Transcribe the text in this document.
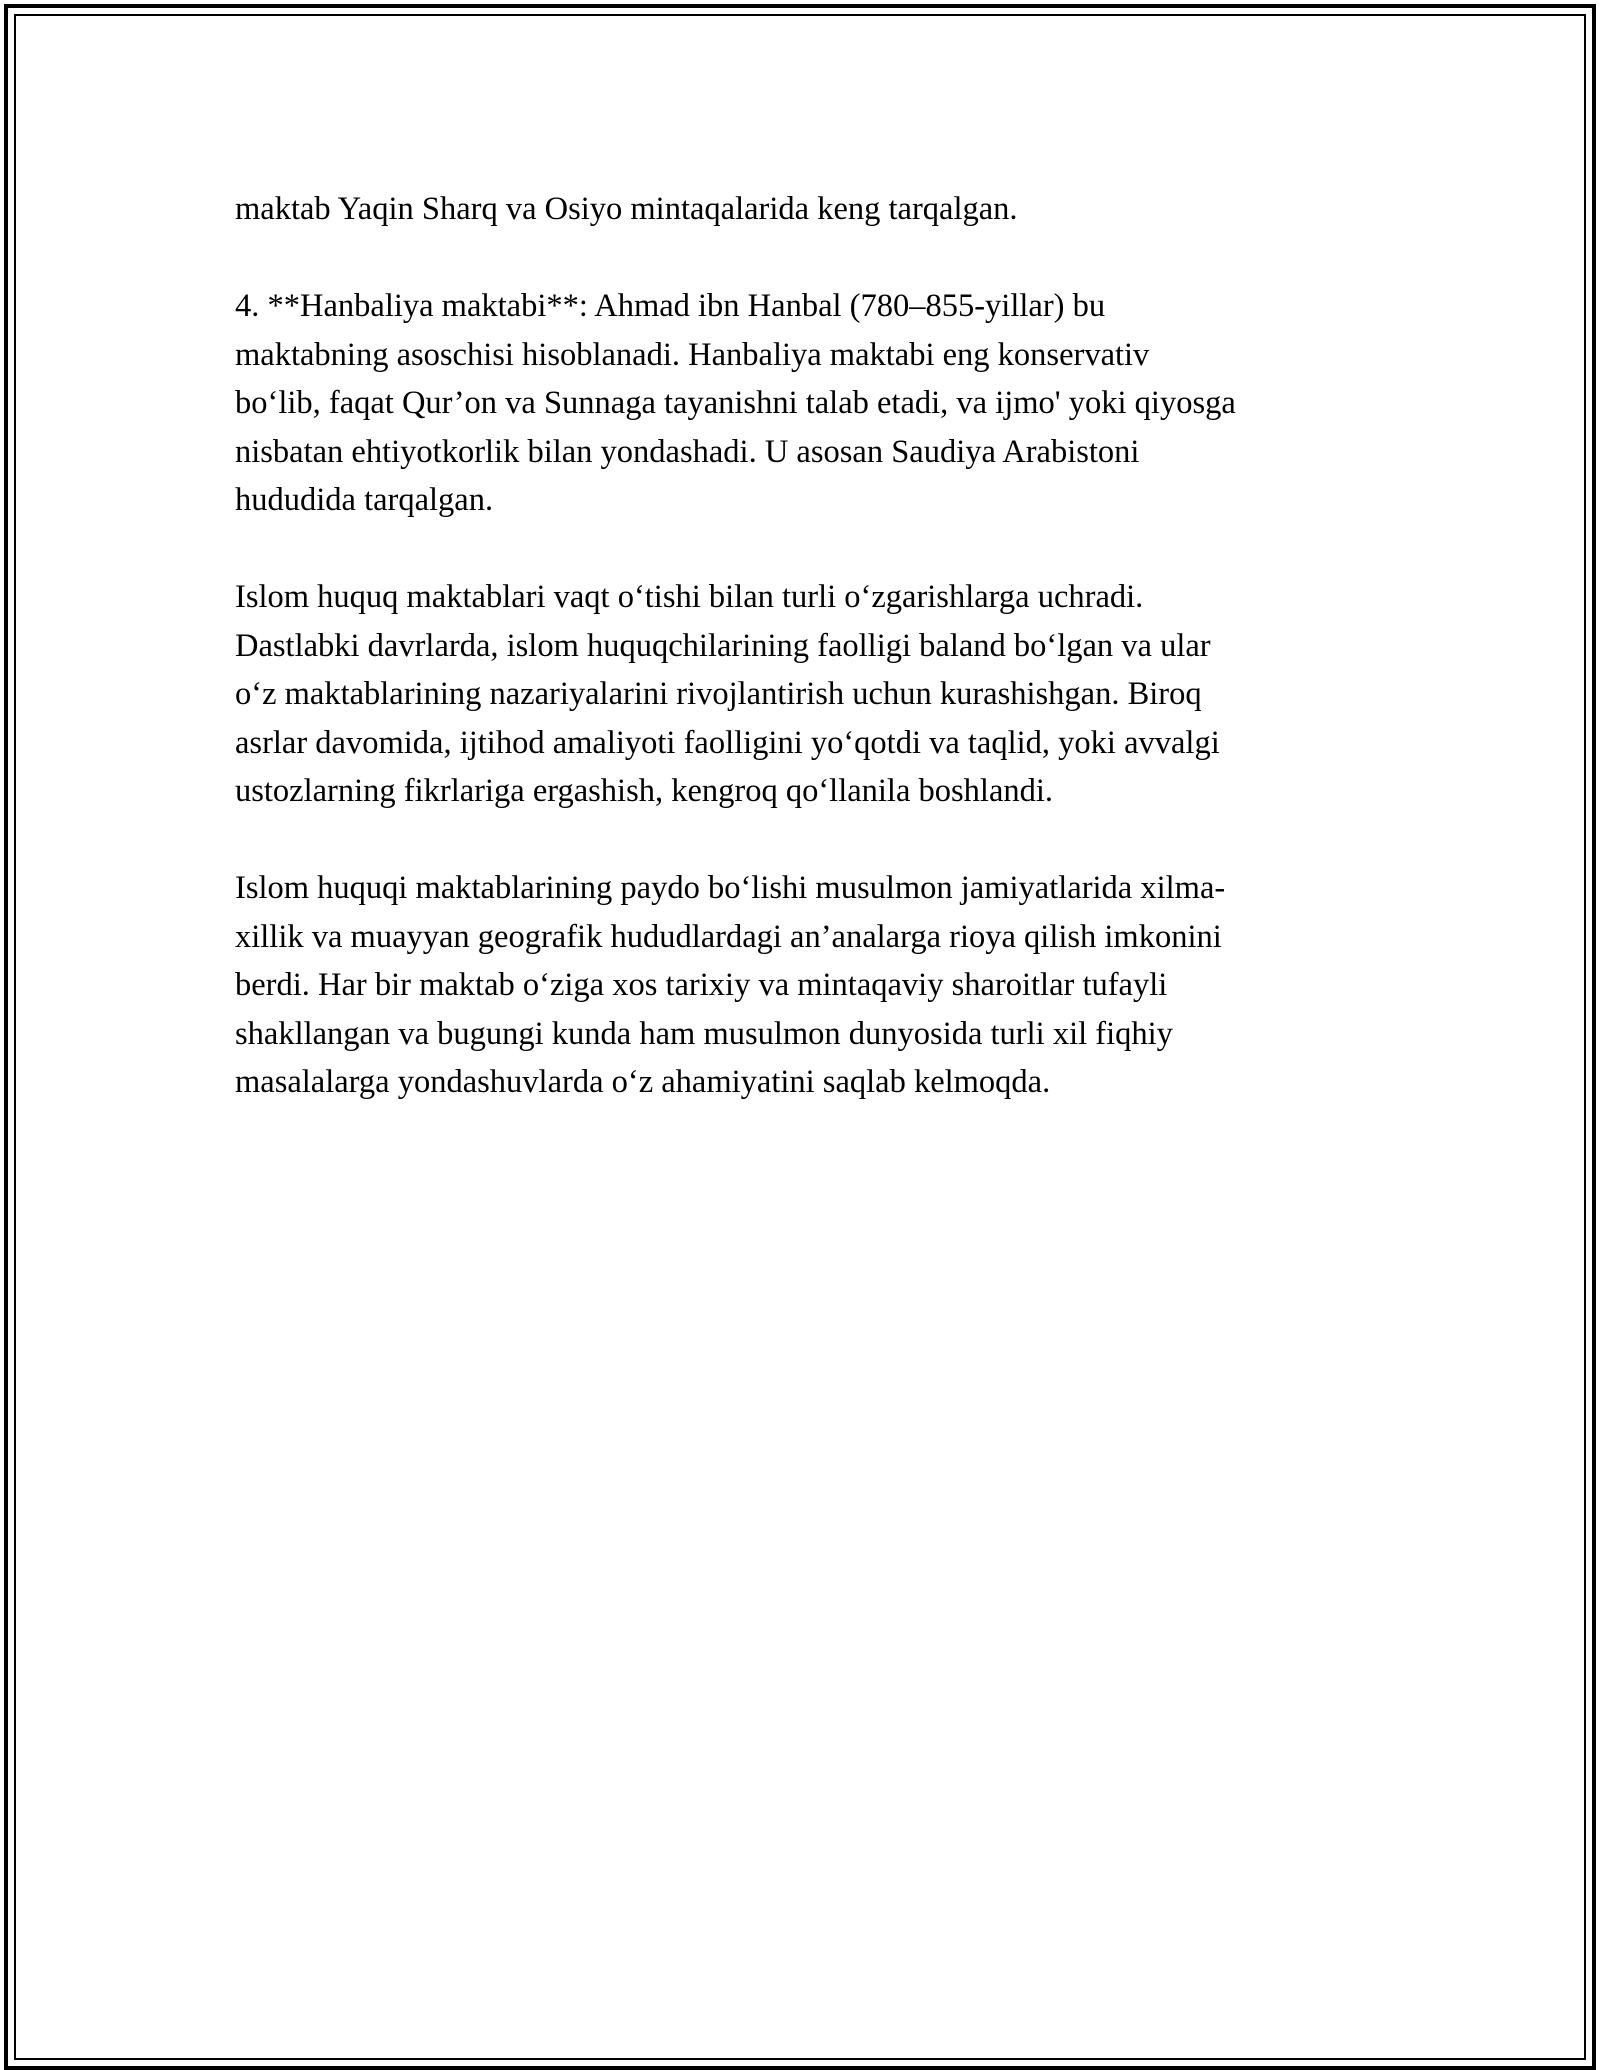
maktab Yaqin Sharq va Osiyo mintaqalarida keng tarqalgan.

4. **Hanbaliya maktabi**: Ahmad ibn Hanbal (780–855-yillar) bu
maktabning asoschisi hisoblanadi. Hanbaliya maktabi eng konservativ
bo‘lib, faqat Qur’on va Sunnaga tayanishni talab etadi, va ijmo' yoki qiyosga
nisbatan ehtiyotkorlik bilan yondashadi. U asosan Saudiya Arabistoni
hududida tarqalgan.

Islom huquq maktablari vaqt o‘tishi bilan turli o‘zgarishlarga uchradi.
Dastlabki davrlarda, islom huquqchilarining faolligi baland bo‘lgan va ular
o‘z maktablarining nazariyalarini rivojlantirish uchun kurashishgan. Biroq
asrlar davomida, ijtihod amaliyoti faolligini yo‘qotdi va taqlid, yoki avvalgi
ustozlarning fikrlariga ergashish, kengroq qo‘llanila boshlandi.

Islom huquqi maktablarining paydo bo‘lishi musulmon jamiyatlarida xilma-
xillik va muayyan geografik hududlardagi an’analarga rioya qilish imkonini
berdi. Har bir maktab o‘ziga xos tarixiy va mintaqaviy sharoitlar tufayli
shakllangan va bugungi kunda ham musulmon dunyosida turli xil fiqhiy
masalalarga yondashuvlarda o‘z ahamiyatini saqlab kelmoqda.
